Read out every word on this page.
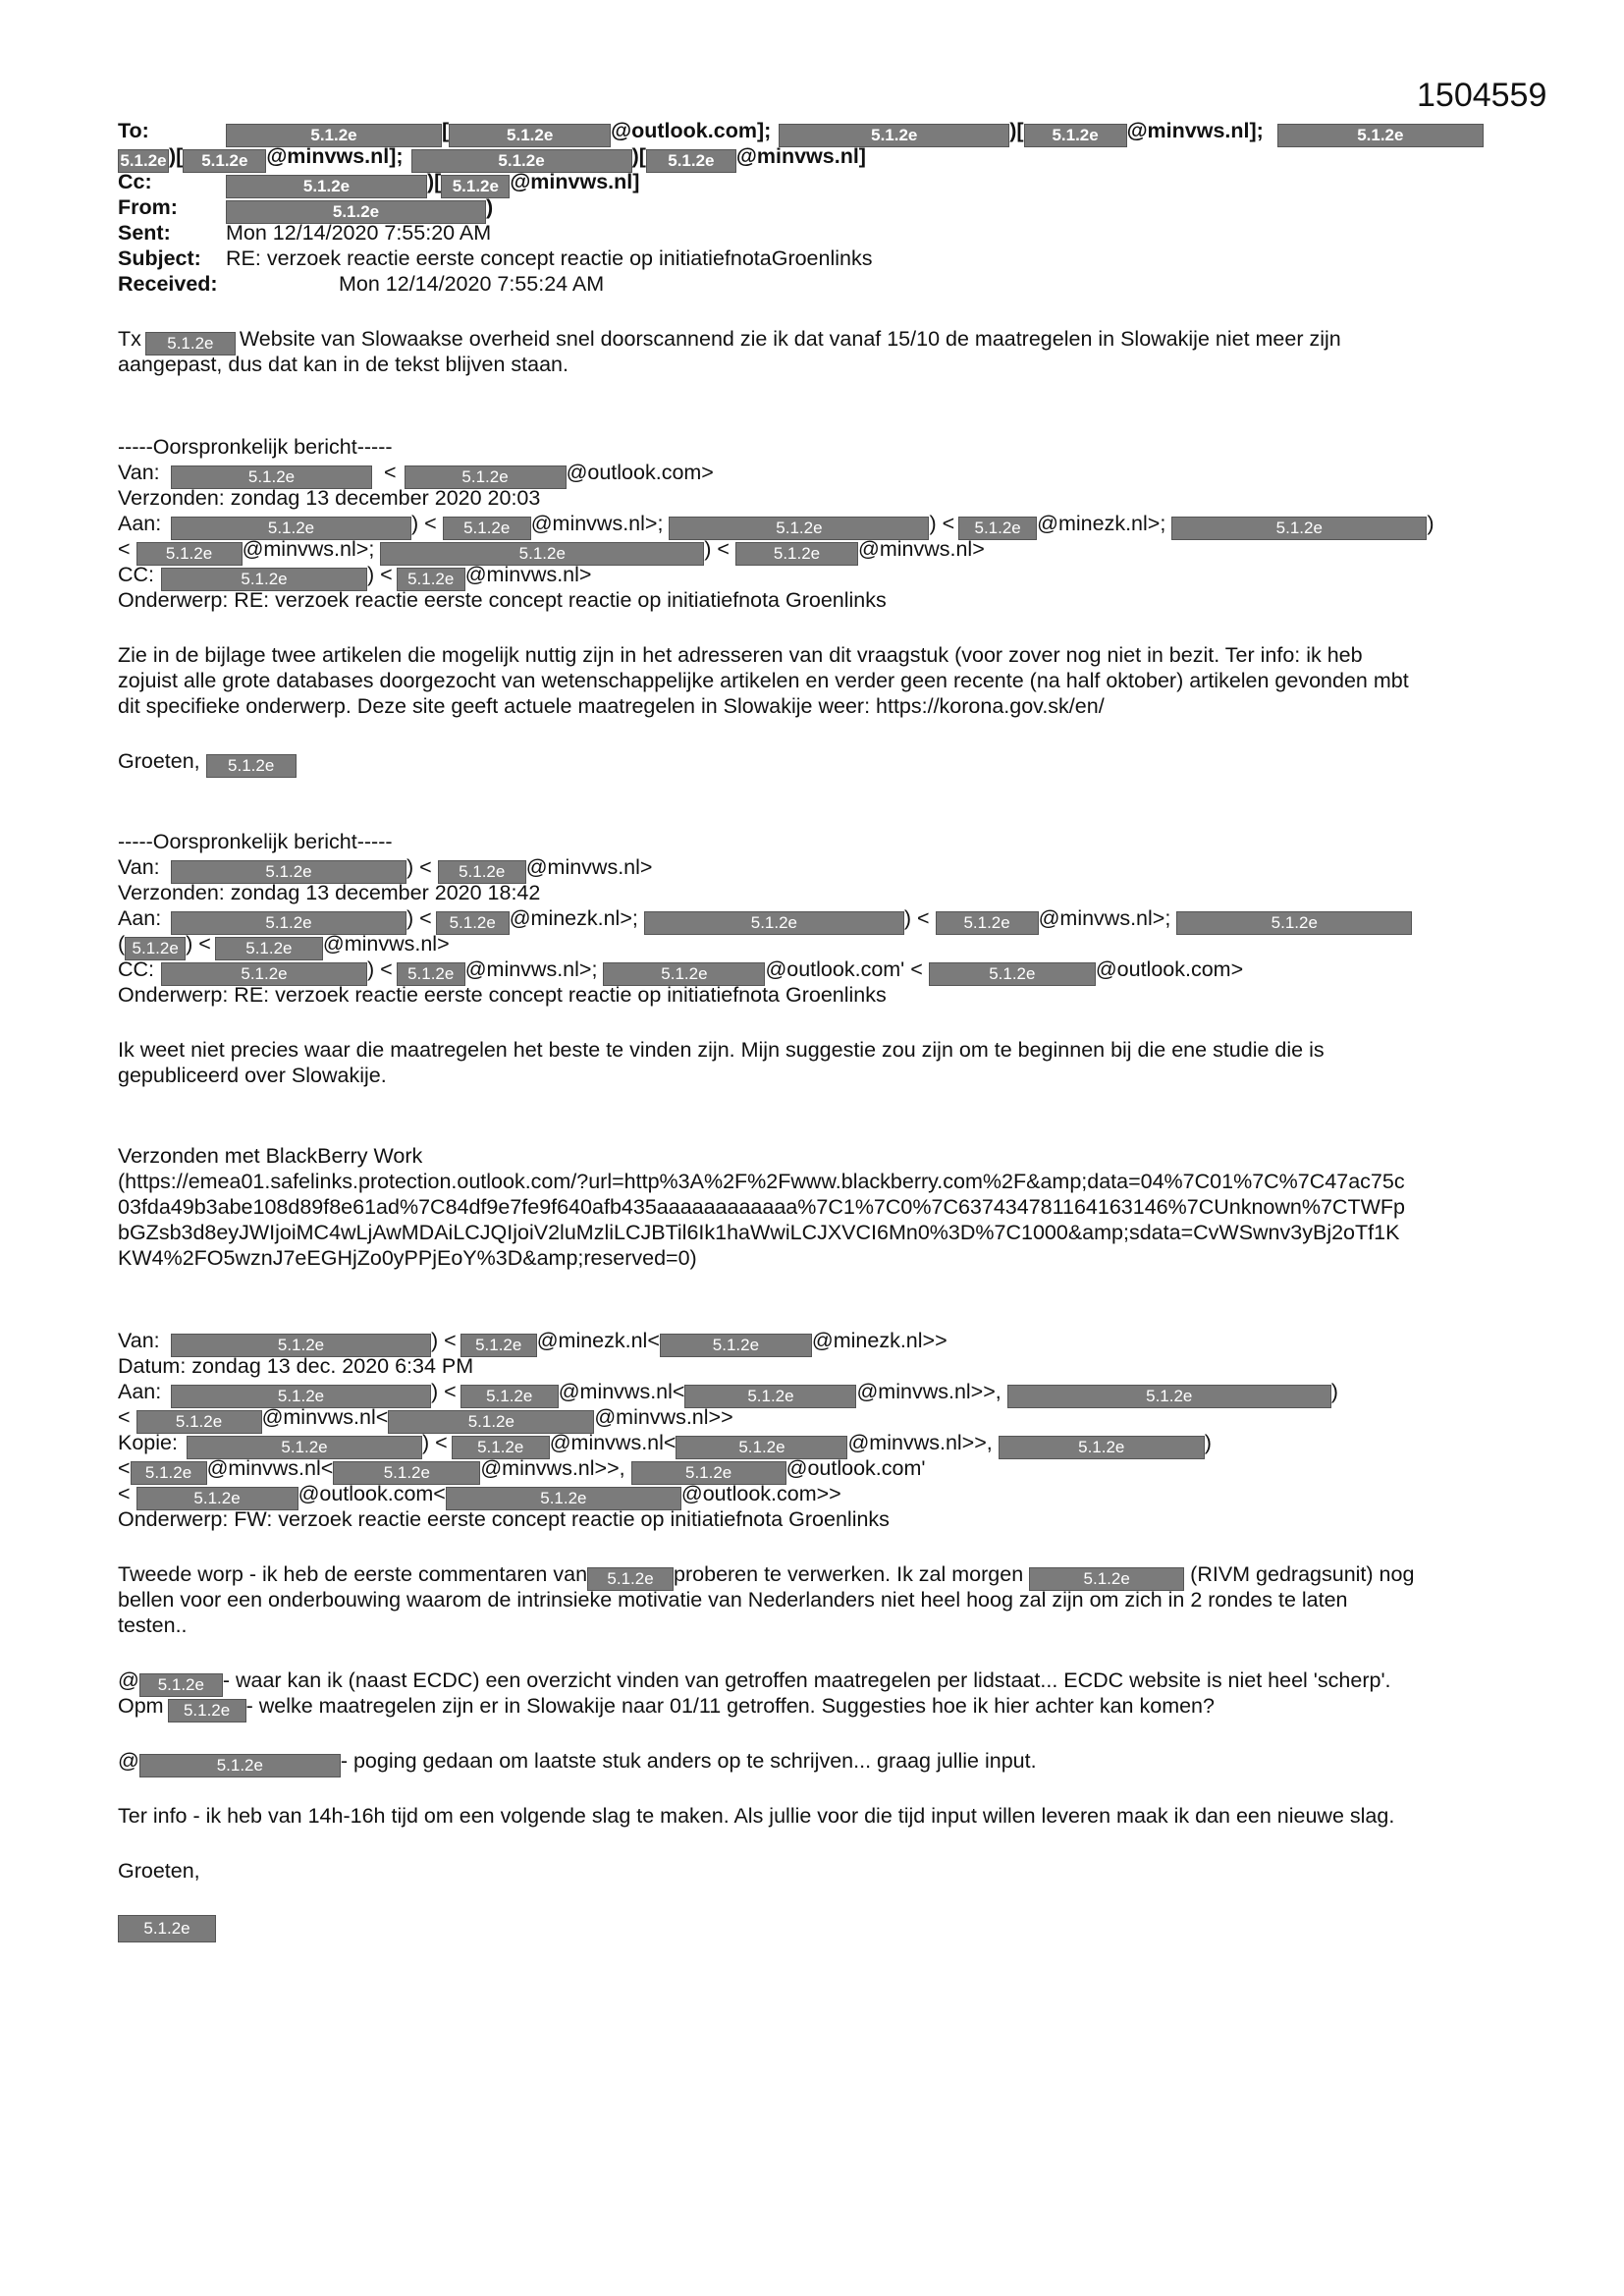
1504559
To:	5.1.2e	[	5.1.2e	@outlook.com];	5.1.2e	)[ 5.1.2e @minvws.nl];	5.1.2e
5.1.2e )[ 5.1.2e @minvws.nl];	5.1.2e	)[ 5.1.2e @minvws.nl]
Cc:	5.1.2e	)[ 5.1.2e @minvws.nl]
From:	5.1.2e	)
Sent:	Mon 12/14/2020 7:55:20 AM
Subject: RE: verzoek reactie eerste concept reactie op initiatiefnotaGroenlinks
Received:	Mon 12/14/2020 7:55:24 AM
Tx 5.1.2e Website van Slowaakse overheid snel doorscannend zie ik dat vanaf 15/10 de maatregelen in Slowakije niet meer zijn
aangepast, dus dat kan in de tekst blijven staan.
-----Oorspronkelijk bericht-----
Van:	5.1.2e	<	5.1.2e	@outlook.com>
Verzonden: zondag 13 december 2020 20:03
Aan:	5.1.2e	) < 5.1.2e @minvws.nl>;	5.1.2e	) < 5.1.2e @minezk.nl>;	5.1.2e	)
< 5.1.2e @minvws.nl>;	5.1.2e	) <	5.1.2e @minvws.nl>
CC:	5.1.2e	) < 5.1.2e @minvws.nl>
Onderwerp: RE: verzoek reactie eerste concept reactie op initiatiefnota Groenlinks
Zie in de bijlage twee artikelen die mogelijk nuttig zijn in het adresseren van dit vraagstuk (voor zover nog niet in bezit. Ter info: ik heb
zojuist alle grote databases doorgezocht van wetenschappelijke artikelen en verder geen recente (na half oktober) artikelen gevonden mbt
dit specifieke onderwerp. Deze site geeft actuele maatregelen in Slowakije weer: https://korona.gov.sk/en/
Groeten, 5.1.2e
-----Oorspronkelijk bericht-----
Van:	5.1.2e	) < 5.1.2e @minvws.nl>
Verzonden: zondag 13 december 2020 18:42
Aan:	5.1.2e	) < 5.1.2e @minezk.nl>;	5.1.2e	) < 5.1.2e @minvws.nl>;	5.1.2e
( 5.1.2e ) < 5.1.2e @minvws.nl>
CC:	5.1.2e	) < 5.1.2e @minvws.nl>;	5.1.2e	@outlook.com' <	5.1.2e	@outlook.com>
Onderwerp: RE: verzoek reactie eerste concept reactie op initiatiefnota Groenlinks
Ik weet niet precies waar die maatregelen het beste te vinden zijn. Mijn suggestie zou zijn om te beginnen bij die ene studie die is
gepubliceerd over Slowakije.
Verzonden met BlackBerry Work
(https://emea01.safelinks.protection.outlook.com/?url=http%3A%2F%2Fwww.blackberry.com%2F&amp;data=04%7C01%7C%7C47ac75c
03fda49b3abe108d89f8e61ad%7C84df9e7fe9f640afb435aaaaaaaaaaaa%7C1%7C0%7C637434781164163146%7CUnknown%7CTWFp
bGZsb3d8eyJWIjoiMC4wLjAwMDAiLCJQIjoiV2luMzliLCJBTil6Ik1haWwiLCJXVCI6Mn0%3D%7C1000&amp;sdata=CvWSwnv3yBj2oTf1K
KW4%2FO5wznJ7eEGHjZo0yPPjEoY%3D&amp;reserved=0)
Van:	5.1.2e	) < 5.1.2e @minezk.nl<	5.1.2e	@minezk.nl>>
Datum: zondag 13 dec. 2020 6:34 PM
Aan:	5.1.2e	) < 5.1.2e @minvws.nl<	5.1.2e	@minvws.nl>>,	5.1.2e	)
<	5.1.2e @minvws.nl<	5.1.2e	@minvws.nl>>
Kopie:	5.1.2e	) < 5.1.2e @minvws.nl<	5.1.2e	@minvws.nl>>,	5.1.2e	)
< 5.1.2e @minvws.nl<	5.1.2e @minvws.nl>>,	5.1.2e	@outlook.com'
<	5.1.2e	@outlook.com<	5.1.2e	@outlook.com>>
Onderwerp: FW: verzoek reactie eerste concept reactie op initiatiefnota Groenlinks
Tweede worp - ik heb de eerste commentaren van 5.1.2e proberen te verwerken. Ik zal morgen	5.1.2e	(RIVM gedragsunit) nog
bellen voor een onderbouwing waarom de intrinsieke motivatie van Nederlanders niet heel hoog zal zijn om zich in 2 rondes te laten
testen..
@ 5.1.2e - waar kan ik (naast ECDC) een overzicht vinden van getroffen maatregelen per lidstaat... ECDC website is niet heel 'scherp'.
Opm 5.1.2e - welke maatregelen zijn er in Slowakije naar 01/11 getroffen. Suggesties hoe ik hier achter kan komen?
@	5.1.2e	- poging gedaan om laatste stuk anders op te schrijven... graag jullie input.
Ter info - ik heb van 14h-16h tijd om een volgende slag te maken. Als jullie voor die tijd input willen leveren maak ik dan een nieuwe slag.
Groeten,
5.1.2e
